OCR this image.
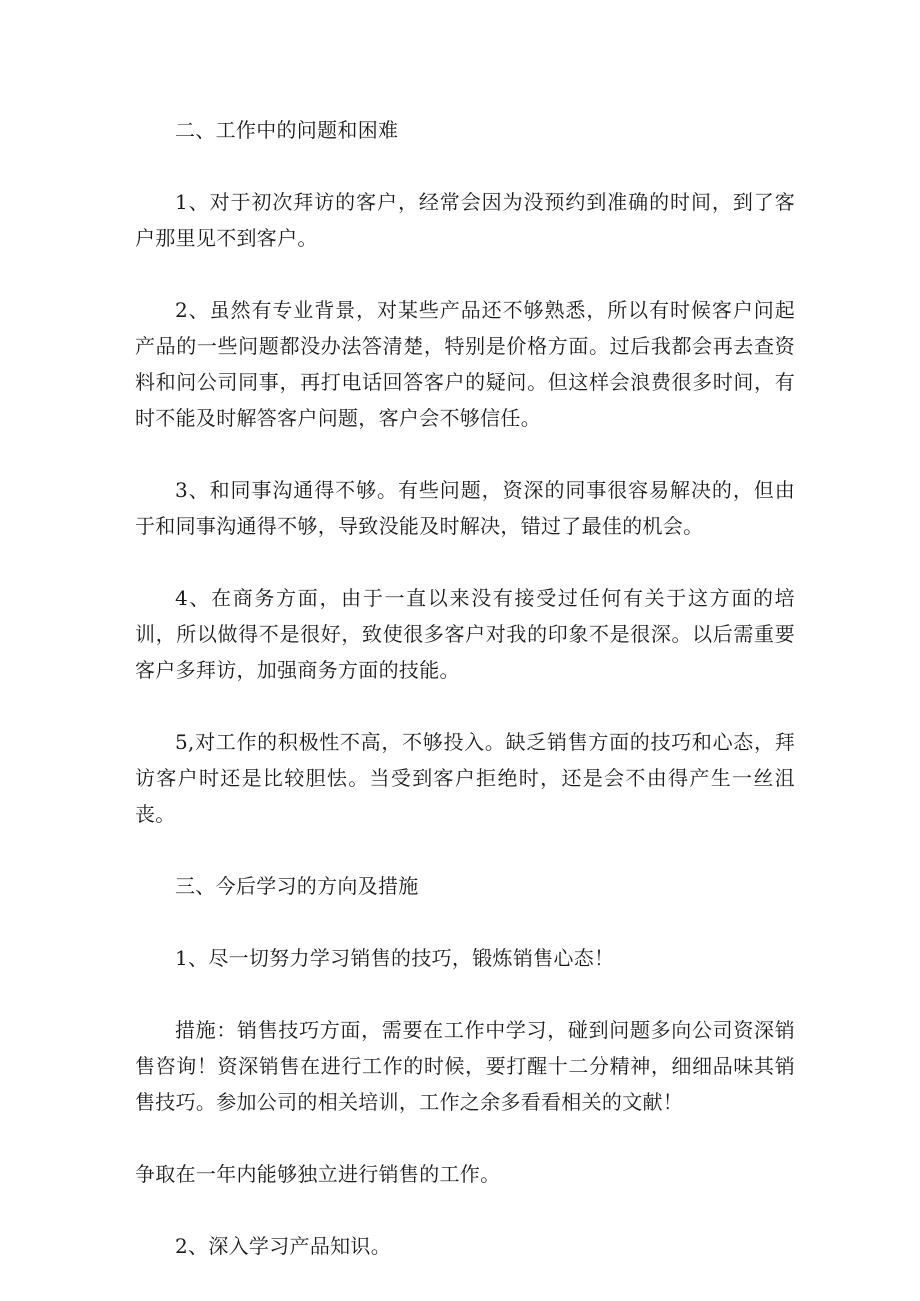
二、工作中的问题和困难

1、对于初次拜访的客户，经常会因为没预约到准确的时间，到了客户那里见不到客户。

2、虽然有专业背景，对某些产品还不够熟悉，所以有时候客户问起产品的一些问题都没办法答清楚，特别是价格方面。过后我都会再去查资料和问公司同事，再打电话回答客户的疑问。但这样会浪费很多时间，有时不能及时解答客户问题，客户会不够信任。

3、和同事沟通得不够。有些问题，资深的同事很容易解决的，但由于和同事沟通得不够，导致没能及时解决，错过了最佳的机会。

4、在商务方面，由于一直以来没有接受过任何有关于这方面的培训，所以做得不是很好，致使很多客户对我的印象不是很深。以后需重要客户多拜访，加强商务方面的技能。

5,对工作的积极性不高，不够投入。缺乏销售方面的技巧和心态，拜访客户时还是比较胆怯。当受到客户拒绝时，还是会不由得产生一丝沮丧。

三、今后学习的方向及措施

1、尽一切努力学习销售的技巧，锻炼销售心态！

措施：销售技巧方面，需要在工作中学习，碰到问题多向公司资深销售咨询！资深销售在进行工作的时候，要打醒十二分精神，细细品味其销售技巧。参加公司的相关培训，工作之余多看看相关的文献！

争取在一年内能够独立进行销售的工作。

2、深入学习产品知识。
